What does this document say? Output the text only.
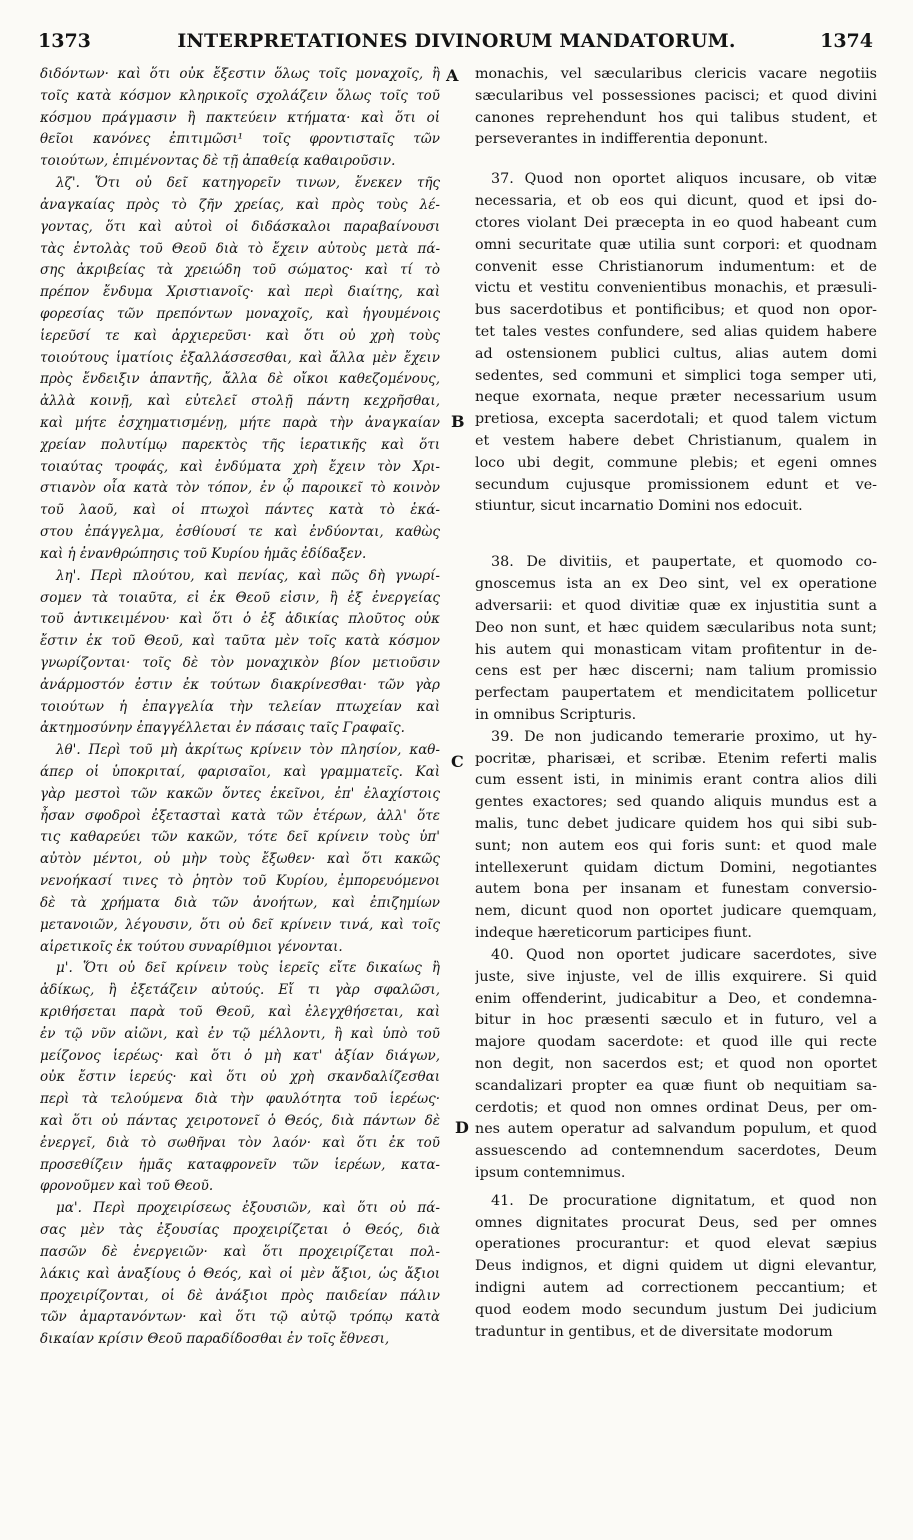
1373	INTERPRETATIONES DIVINORUM MANDATORUM.	1374
διδόντων· καὶ ὅτι οὐκ ἔξεστιν ὅλως τοῖς μοναχοῖς, ἢ
τοῖς κατὰ κόσμον κληρικοῖς σχολάζειν ὅλως τοῖς τοῦ
κόσμου πράγμασιν ἢ πακτεύειν κτήματα· καὶ ὅτι οἱ
θεῖοι κανόνες ἐπιτιμῶσι¹ τοῖς φροντισταῖς τῶν
τοιούτων, ἐπιμένοντας δὲ τῇ ἀπαθείᾳ καθαιροῦσιν.
λζ'. Ὅτι οὐ δεῖ κατηγορεῖν τινων, ἕνεκεν τῆς
ἀναγκαίας πρὸς τὸ ζῆν χρείας, καὶ πρὸς τοὺς λέ-
γοντας, ὅτι καὶ αὐτοὶ οἱ διδάσκαλοι παραβαίνουσι
τὰς ἐντολὰς τοῦ Θεοῦ διὰ τὸ ἔχειν αὐτοὺς μετὰ πά-
σης ἀκριβείας τὰ χρειώδη τοῦ σώματος· καὶ τί τὸ
πρέπον ἔνδυμα Χριστιανοῖς· καὶ περὶ διαίτης, καὶ
φορεσίας τῶν πρεπόντων μοναχοῖς, καὶ ἡγουμένοις
ἱερεῦσί τε καὶ ἀρχιερεῦσι· καὶ ὅτι οὐ χρὴ τοὺς
τοιούτους ἱματίοις ἐξαλλάσσεσθαι, καὶ ἄλλα μὲν ἔχειν
πρὸς ἔνδειξιν ἁπαντῆς, ἄλλα δὲ οἴκοι καθεζομένους,
ἀλλὰ κοινῇ, καὶ εὐτελεῖ στολῇ πάντη κεχρῆσθαι,
καὶ μήτε ἐσχηματισμένῃ, μήτε παρὰ τὴν ἀναγκαίαν
χρείαν πολυτίμῳ παρεκτὸς τῆς ἱερατικῆς καὶ ὅτι
τοιαύτας τροφάς, καὶ ἐνδύματα χρὴ ἔχειν τὸν Χρι-
στιανὸν οἷα κατὰ τὸν τόπον, ἐν ᾧ παροικεῖ τὸ κοινὸν
τοῦ λαοῦ, καὶ οἱ πτωχοὶ πάντες κατὰ τὸ ἑκά-
στου ἐπάγγελμα, ἐσθίουσί τε καὶ ἐνδύονται, καθὼς
καὶ ἡ ἐνανθρώπησις τοῦ Κυρίου ἡμᾶς ἐδίδαξεν.
λη'. Περὶ πλούτου, καὶ πενίας, καὶ πῶς δὴ γνωρί-
σομεν τὰ τοιαῦτα, εἰ ἐκ Θεοῦ εἰσιν, ἢ ἐξ ἐνεργείας
τοῦ ἀντικειμένου· καὶ ὅτι ὁ ἐξ ἀδικίας πλοῦτος οὐκ
ἔστιν ἐκ τοῦ Θεοῦ, καὶ ταῦτα μὲν τοῖς κατὰ κόσμον
γνωρίζονται· τοῖς δὲ τὸν μοναχικὸν βίον μετιοῦσιν
ἀνάρμοστόν ἐστιν ἐκ τούτων διακρίνεσθαι· τῶν γὰρ
τοιούτων ἡ ἐπαγγελία τὴν τελείαν πτωχείαν καὶ
ἀκτημοσύνην ἐπαγγέλλεται ἐν πάσαις ταῖς Γραφαῖς.
λθ'. Περὶ τοῦ μὴ ἀκρίτως κρίνειν τὸν πλησίον, καθ-
άπερ οἱ ὑποκριταί, φαρισαῖοι, καὶ γραμματεῖς. Καὶ
γὰρ μεστοὶ τῶν κακῶν ὄντες ἐκεῖνοι, ἐπ' ἐλαχίστοις
ἦσαν σφοδροὶ ἐξετασταὶ κατὰ τῶν ἑτέρων, ἀλλ' ὅτε
τις καθαρεύει τῶν κακῶν, τότε δεῖ κρίνειν τοὺς ὑπ'
αὐτὸν μέντοι, οὐ μὴν τοὺς ἔξωθεν· καὶ ὅτι κακῶς
νενοήκασί τινες τὸ ῥητὸν τοῦ Κυρίου, ἐμπορευόμενοι
δὲ τὰ χρήματα διὰ τῶν ἀνοήτων, καὶ ἐπιζημίων
μετανοιῶν, λέγουσιν, ὅτι οὐ δεῖ κρίνειν τινά, καὶ τοῖς
αἱρετικοῖς ἐκ τούτου συναρίθμιοι γένονται.
μ'. Ὅτι οὐ δεῖ κρίνειν τοὺς ἱερεῖς εἴτε δικαίως ἢ
ἀδίκως, ἢ ἐξετάζειν αὐτούς. Εἴ τι γὰρ σφαλῶσι,
κριθήσεται παρὰ τοῦ Θεοῦ, καὶ ἐλεγχθήσεται, καὶ
ἐν τῷ νῦν αἰῶνι, καὶ ἐν τῷ μέλλοντι, ἢ καὶ ὑπὸ τοῦ
μείζονος ἱερέως· καὶ ὅτι ὁ μὴ κατ' ἀξίαν διάγων,
οὐκ ἔστιν ἱερεύς· καὶ ὅτι οὐ χρὴ σκανδαλίζεσθαι
περὶ τὰ τελούμενα διὰ τὴν φαυλότητα τοῦ ἱερέως·
καὶ ὅτι οὐ πάντας χειροτονεῖ ὁ Θεός, διὰ πάντων δὲ
ἐνεργεῖ, διὰ τὸ σωθῆναι τὸν λαόν· καὶ ὅτι ἐκ τοῦ
προσεθίζειν ἡμᾶς καταφρονεῖν τῶν ἱερέων, κατα-
φρονοῦμεν καὶ τοῦ Θεοῦ.
μα'. Περὶ προχειρίσεως ἐξουσιῶν, καὶ ὅτι οὐ πά-
σας μὲν τὰς ἐξουσίας προχειρίζεται ὁ Θεός, διὰ
πασῶν δὲ ἐνεργειῶν· καὶ ὅτι προχειρίζεται πολ-
λάκις καὶ ἀναξίους ὁ Θεός, καὶ οἱ μὲν ἄξιοι, ὡς ἄξιοι
προχειρίζονται, οἱ δὲ ἀνάξιοι πρὸς παιδείαν πάλιν
τῶν ἁμαρτανόντων· καὶ ὅτι τῷ αὐτῷ τρόπῳ κατὰ
δικαίαν κρίσιν Θεοῦ παραδίδοσθαι ἐν τοῖς ἔθνεσι,
monachis, vel sæcularibus clericis vacare negotiis
sæcularibus vel possessiones pacisci; et quod divini
canones reprehendunt hos qui talibus student, et
perseverantes in indifferentia deponunt.
37. Quod non oportet aliquos incusare, ob vitæ
necessaria, et ob eos qui dicunt, quod et ipsi do-
ctores violant Dei præcepta in eo quod habeant cum
omni securitate quæ utilia sunt corpori: et quodnam
convenit esse Christianorum indumentum: et de
victu et vestitu convenientibus monachis, et præsuli-
bus sacerdotibus et pontificibus; et quod non opor-
tet tales vestes confundere, sed alias quidem habere
ad ostensionem publici cultus, alias autem domi
sedentes, sed communi et simplici toga semper uti,
neque exornata, neque præter necessarium usum
pretiosa, excepta sacerdotali; et quod talem victum
et vestem habere debet Christianum, qualem in
loco ubi degit, commune plebis; et egeni omnes
secundum cujusque promissionem edunt et ve-
stiuntur, sicut incarnatio Domini nos edocuit.
38. De divitiis, et paupertate, et quomodo co-
gnoscemus ista an ex Deo sint, vel ex operatione
adversarii: et quod divitiæ quæ ex injustitia sunt a
Deo non sunt, et hæc quidem sæcularibus nota sunt;
his autem qui monasticam vitam profitentur in de-
cens est per hæc discerni; nam talium promissio
perfectam paupertatem et mendicitatem pollicetur
in omnibus Scripturis.
39. De non judicando temerarie proximo, ut hy-
pocritæ, pharisæi, et scribæ. Etenim referti malis
cum essent isti, in minimis erant contra alios dili
gentes exactores; sed quando aliquis mundus est a
malis, tunc debet judicare quidem hos qui sibi sub-
sunt; non autem eos qui foris sunt: et quod male
intellexerunt quidam dictum Domini, negotiantes
autem bona per insanam et funestam conversio-
nem, dicunt quod non oportet judicare quemquam,
indeque hæreticorum participes fiunt.
40. Quod non oportet judicare sacerdotes, sive
juste, sive injuste, vel de illis exquirere. Si quid
enim offenderint, judicabitur a Deo, et condemna-
bitur in hoc præsenti sæculo et in futuro, vel a
majore quodam sacerdote: et quod ille qui recte
non degit, non sacerdos est; et quod non oportet
scandalizari propter ea quæ fiunt ob nequitiam sa-
cerdotis; et quod non omnes ordinat Deus, per om-
nes autem operatur ad salvandum populum, et quod
assuescendo ad contemnendum sacerdotes, Deum
ipsum contemnimus.
41. De procuratione dignitatum, et quod non
omnes dignitates procurat Deus, sed per omnes
operationes procurantur: et quod elevat sæpius
Deus indignos, et digni quidem ut digni elevantur,
indigni autem ad correctionem peccantium; et
quod eodem modo secundum justum Dei judicium
traduntur in gentibus, et de diversitate modorum
A
B
C
D
